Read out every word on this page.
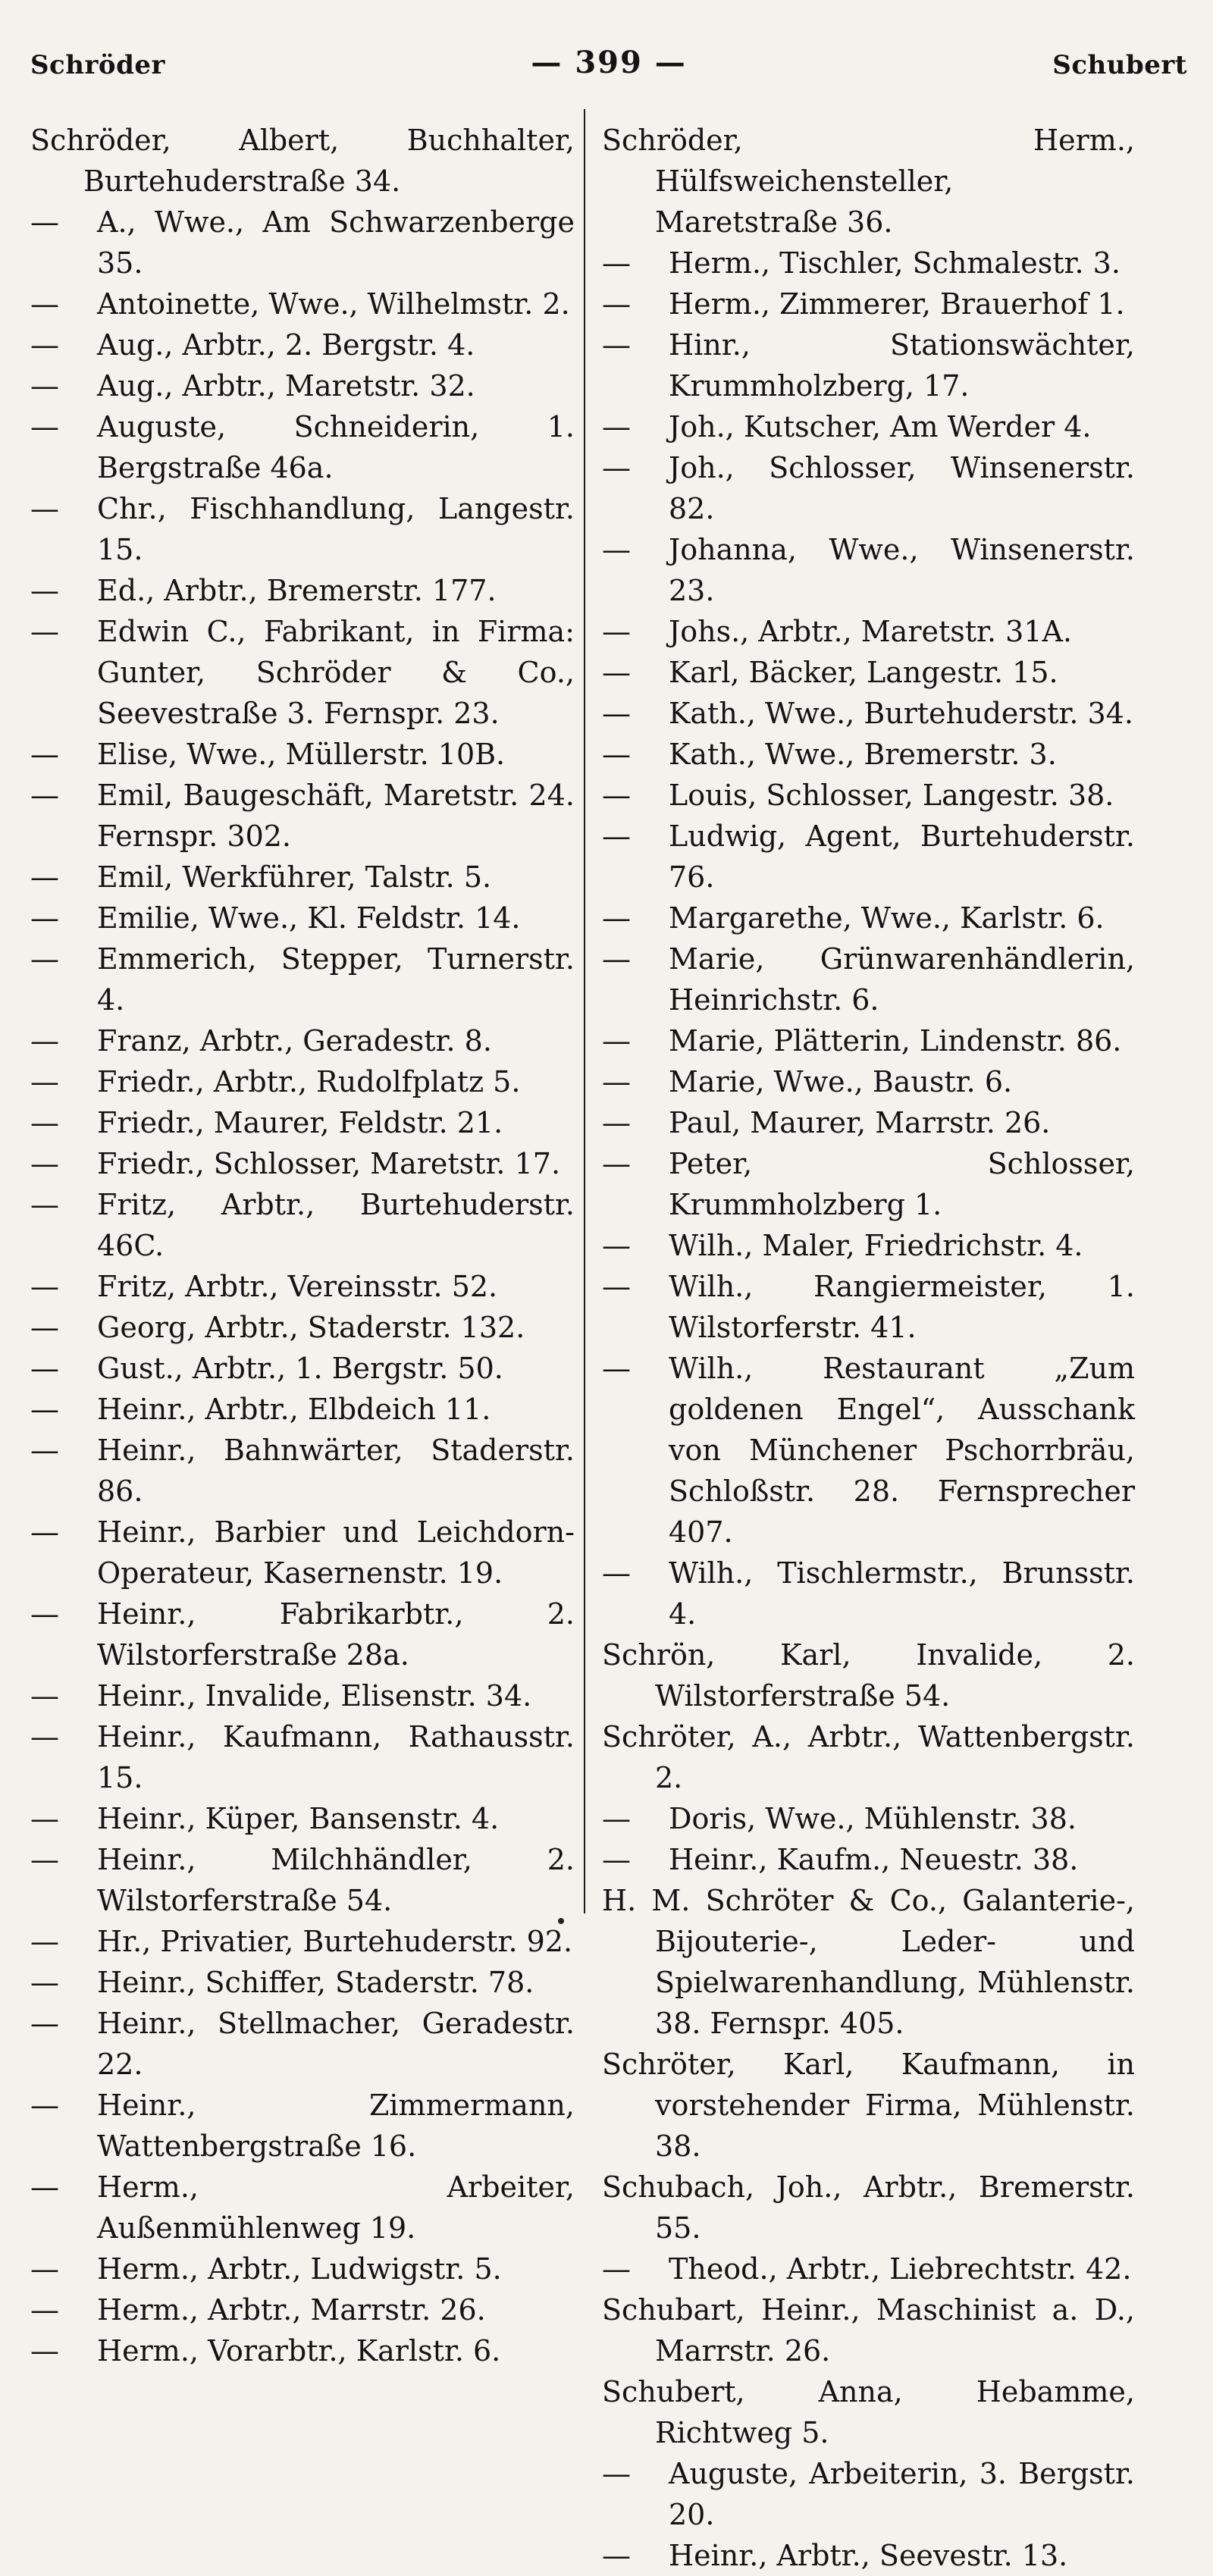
Schröder	— 399 —	Schubert
Schröder, Albert, Buchhalter, Burtehuderstraße 34.
— A., Wwe., Am Schwarzenberge 35.
— Antoinette, Wwe., Wilhelmstr. 2.
— Aug., Arbtr., 2. Bergstr. 4.
— Aug., Arbtr., Maretstr. 32.
— Auguste, Schneiderin, 1. Bergstraße 46a.
— Chr., Fischhandlung, Langestr. 15.
— Ed., Arbtr., Bremerstr. 177.
— Edwin C., Fabrikant, in Firma: Gunter, Schröder & Co., Seevestraße 3. Fernspr. 23.
— Elise, Wwe., Müllerstr. 10B.
— Emil, Baugeschäft, Maretstr. 24. Fernspr. 302.
— Emil, Werkführer, Talstr. 5.
— Emilie, Wwe., Kl. Feldstr. 14.
— Emmerich, Stepper, Turnerstr. 4.
— Franz, Arbtr., Geradestr. 8.
— Friedr., Arbtr., Rudolfplatz 5.
— Friedr., Maurer, Feldstr. 21.
— Friedr., Schlosser, Maretstr. 17.
— Fritz, Arbtr., Burtehuderstr. 46C.
— Fritz, Arbtr., Vereinsstr. 52.
— Georg, Arbtr., Staderstr. 132.
— Gust., Arbtr., 1. Bergstr. 50.
— Heinr., Arbtr., Elbdeich 11.
— Heinr., Bahnwärter, Staderstr. 86.
— Heinr., Barbier und Leichdorn-Operateur, Kasernenstr. 19.
— Heinr., Fabrikarbtr., 2. Wilstorferstraße 28a.
— Heinr., Invalide, Elisenstr. 34.
— Heinr., Kaufmann, Rathausstr. 15.
— Heinr., Küper, Bansenstr. 4.
— Heinr., Milchhändler, 2. Wilstorferstraße 54.
— Hr., Privatier, Burtehuderstr. 92.
— Heinr., Schiffer, Staderstr. 78.
— Heinr., Stellmacher, Geradestr. 22.
— Heinr., Zimmermann, Wattenbergstraße 16.
— Herm., Arbeiter, Außenmühlenweg 19.
— Herm., Arbtr., Ludwigstr. 5.
— Herm., Arbtr., Marrstr. 26.
— Herm., Vorarbtr., Karlstr. 6.
Schröder, Herm., Hülfsweichensteller, Maretstraße 36.
— Herm., Tischler, Schmalestr. 3.
— Herm., Zimmerer, Brauerhof 1.
— Hinr., Stationswächter, Krummholzberg, 17.
— Joh., Kutscher, Am Werder 4.
— Joh., Schlosser, Winsenerstr. 82.
— Johanna, Wwe., Winsenerstr. 23.
— Johs., Arbtr., Maretstr. 31A.
— Karl, Bäcker, Langestr. 15.
— Kath., Wwe., Burtehuderstr. 34.
— Kath., Wwe., Bremerstr. 3.
— Louis, Schlosser, Langestr. 38.
— Ludwig, Agent, Burtehuderstr. 76.
— Margarethe, Wwe., Karlstr. 6.
— Marie, Grünwarenhändlerin, Heinrichstr. 6.
— Marie, Plätterin, Lindenstr. 86.
— Marie, Wwe., Baustr. 6.
— Paul, Maurer, Marrstr. 26.
— Peter, Schlosser, Krummholzberg 1.
— Wilh., Maler, Friedrichstr. 4.
— Wilh., Rangiermeister, 1. Wilstorferstr. 41.
— Wilh., Restaurant „Zum goldenen Engel“, Ausschank von Münchener Pschorrbräu, Schloßstr. 28. Fernsprecher 407.
— Wilh., Tischlermstr., Brunsstr. 4.
Schrön, Karl, Invalide, 2. Wilstorferstraße 54.
Schröter, A., Arbtr., Wattenbergstr. 2.
— Doris, Wwe., Mühlenstr. 38.
— Heinr., Kaufm., Neuestr. 38.
H. M. Schröter & Co., Galanterie-, Bijouterie-, Leder- und Spielwarenhandlung, Mühlenstr. 38. Fernspr. 405.
Schröter, Karl, Kaufmann, in vorstehender Firma, Mühlenstr. 38.
Schubach, Joh., Arbtr., Bremerstr. 55.
— Theod., Arbtr., Liebrechtstr. 42.
Schubart, Heinr., Maschinist a. D., Marrstr. 26.
Schubert, Anna, Hebamme, Richtweg 5.
— Auguste, Arbeiterin, 3. Bergstr. 20.
— Heinr., Arbtr., Seevestr. 13.
